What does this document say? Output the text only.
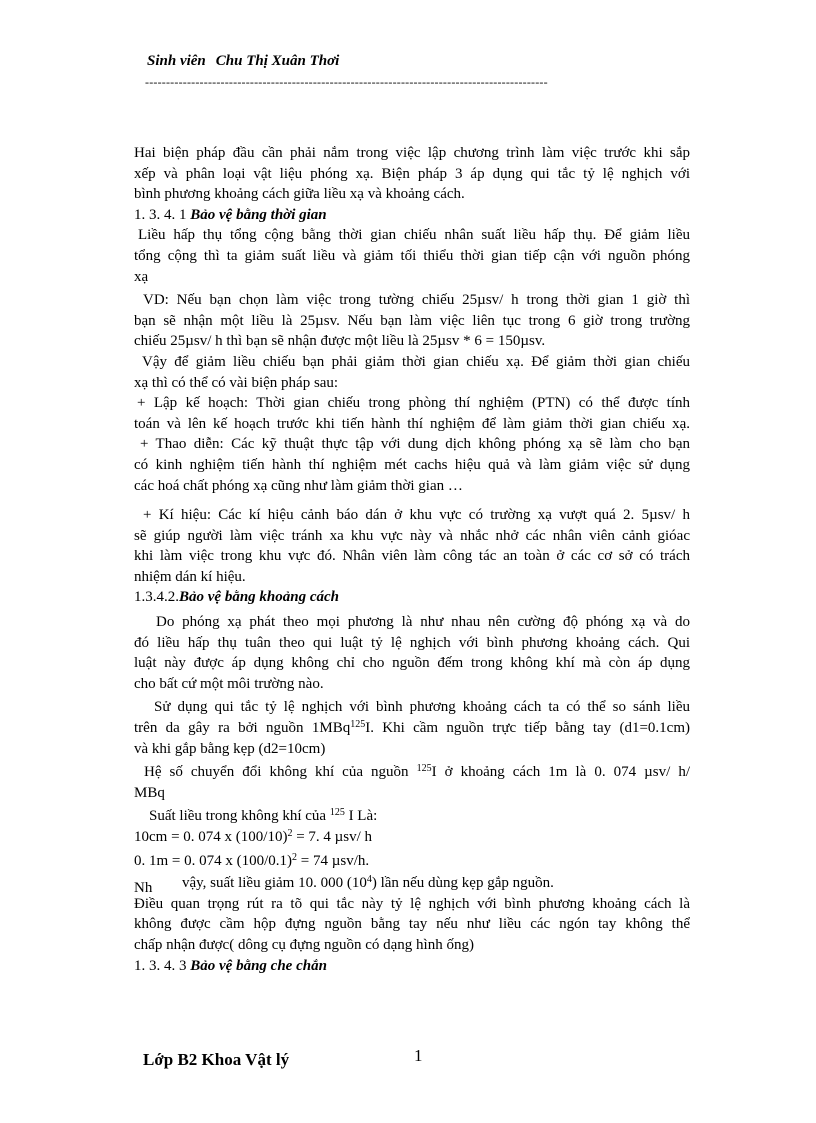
Sinh viên Chu Thị Xuân Thơi
------------------------------------------------------------------------------------------------

Hai biện pháp đầu cần phải nắm trong việc lập chương trình làm việc trước khi sắp

xếp và phân loại vật liệu phóng xạ. Biện pháp 3 áp dụng qui tắc tỷ lệ nghịch với

bình phương khoảng cách giữa liều xạ và khoảng cách.

1. 3. 4. 1 Bảo vệ bằng thời gian

Liều hấp thụ tổng cộng bằng thời gian chiếu nhân suất liều hấp thụ. Để giảm liều

tổng cộng thì ta giảm suất liều và giảm tối thiểu thời gian tiếp cận với nguồn phóng

xạ

VD: Nếu bạn chọn làm việc trong tường chiếu 25µsv/ h trong thời gian 1 giờ thì

bạn sẽ nhận một liều là 25µsv. Nếu bạn làm việc liên tục trong 6 giờ trong trường

chiếu 25µsv/ h thì bạn sẽ nhận được một liều là 25µsv * 6 = 150µsv.

Vậy để giảm liều chiếu bạn phải giảm thời gian chiếu xạ. Để giảm thời gian chiếu

xạ thì có thể có vài biện pháp sau:

+ Lập kế hoạch: Thời gian chiếu trong phòng thí nghiệm (PTN) có thể được tính

toán và lên kế hoạch trước khi tiến hành thí nghiệm để làm giảm thời gian chiếu xạ.

+ Thao diễn: Các kỹ thuật thực tập với dung dịch không phóng xạ sẽ làm cho bạn

có kinh nghiệm tiến hành thí nghiệm mét cachs hiệu quả và làm giảm việc sử dụng

các hoá chất phóng xạ cũng như làm giảm thời gian …

+ Kí hiệu: Các kí hiệu cảnh báo dán ở khu vực có trường xạ vượt quá 2. 5µsv/ h

sẽ giúp người làm việc tránh xa khu vực này và nhắc nhở các nhân viên cảnh gióac

khi làm việc trong khu vực đó. Nhân viên làm công tác an toàn ở các cơ sở có trách

nhiệm dán kí hiệu.

1.3.4.2.Bảo vệ bằng khoảng cách

Do phóng xạ phát theo mọi phương là như nhau nên cường độ phóng xạ và do

đó liều hấp thụ tuân theo qui luật tỷ lệ nghịch với bình phương khoảng cách. Qui

luật này được áp dụng không chỉ cho nguồn đếm trong không khí mà còn áp dụng

cho bất cứ một môi trường nào.

Sử dụng qui tắc tỷ lệ nghịch với bình phương khoảng cách ta có thể so sánh liều

trên da gây ra bởi nguồn 1MBq$^{125}$I. Khi cầm nguồn trực tiếp bằng tay (d1=0.1cm)

và khi gắp bằng kẹp (d2=10cm)

Hệ số chuyển đổi không khí của nguồn $^{125}$I ở khoảng cách 1m là 0. 074 µsv/ h/

MBq

Suất liều trong không khí của $^{125}$ I Là:

10cm = 0. 074 x $(100/10)^2 = 7$. 4 µsv/ h

0. 1m = 0. 074 x $(100/0.1)^2 = 74$ µsv/h.

Nh vậy, suất liều giảm 10. 000 $(10^4)$ lần nếu dùng kẹp gắp nguồn.

Điều quan trọng rút ra tõ qui tắc này tỷ lệ nghịch với bình phương khoảng cách là

không được cầm hộp đựng nguồn bằng tay nếu như liều các ngón tay không thể

chấp nhận được( dông cụ đựng nguồn có dạng hình ống)

1. 3. 4. 3 Bảo vệ bằng che chắn

Lớp B2 Khoa Vật lý	1
